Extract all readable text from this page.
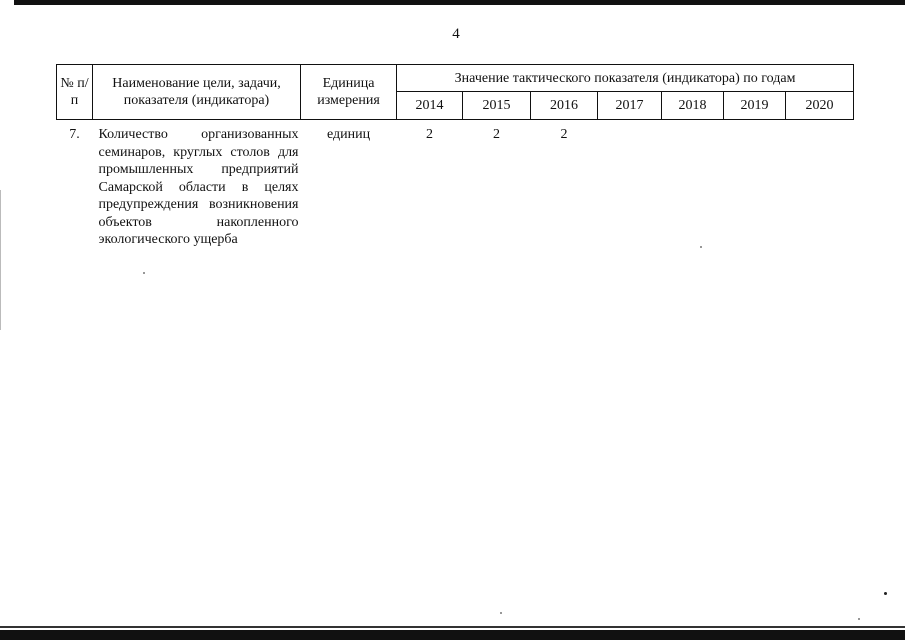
4
№ п/п	Наименование цели, задачи, показателя (индикатора)	Единица измерения	Значение тактического показателя (индикатора) по годам						
			2014	2015	2016	2017	2018	2019	2020
7.	Количество организованных семинаров, круглых столов для промышленных предприятий Самарской области в целях предупреждения возникновения объектов накопленного экологического ущерба	единиц	2	2	2				
